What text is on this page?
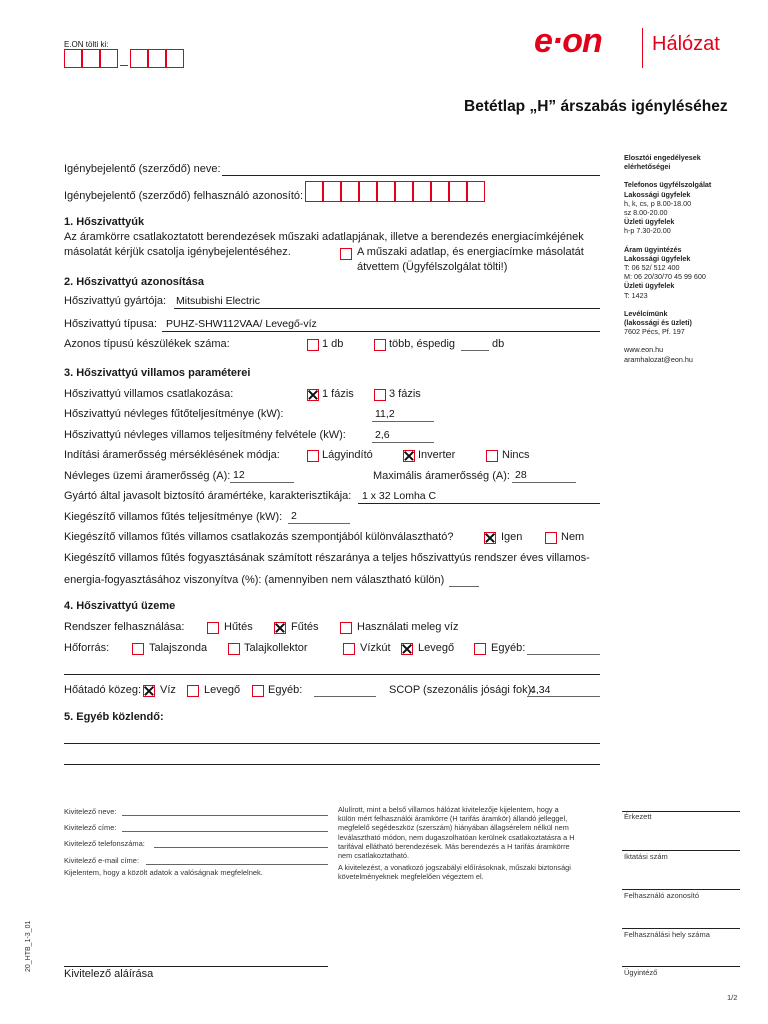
E.ON tölti ki:	e·on	Hálózat
Betétlap „H” árszabás igényléséhez
Elosztói engedélyesek
elérhetőségei

Telefonos ügyfélszolgálat
Lakossági ügyfelek
h, k, cs, p 8.00-18.00
sz 8.00-20.00
Üzleti ügyfelek
h-p 7.30-20.00

Áram ügyintézés
Lakossági ügyfelek
T: 06 52/ 512 400
M: 06 20/30/70 45 99 600
Üzleti ügyfelek
T: 1423

Levélcímünk
(lakossági és üzleti)
7602 Pécs, Pf. 197

www.eon.hu
aramhalozat@eon.hu
Igénybejelentő (szerződő) neve:
Igénybejelentő (szerződő) felhasználó azonosító:
1. Hőszivattyúk
Az áramkörre csatlakoztatott berendezések műszaki adatlapjának, illetve a berendezés energiacímkéjének
másolatát kérjük csatolja igénybejelentéséhez.	A műszaki adatlap, és energiacímke másolatát
átvettem (Ügyfélszolgálat tölti!)
2. Hőszivattyú azonosítása
Hőszivattyú gyártója: Mitsubishi Electric
Hőszivattyú típusa: PUHZ-SHW112VAA/ Levegő-víz
Azonos típusú készülékek száma:	1 db	több, éspedig	db
3. Hőszivattyú villamos paraméterei
Hőszivattyú villamos csatlakozása:	1 fázis	3 fázis
Hőszivattyú névleges fűtőteljesítménye (kW):	11,2
Hőszivattyú névleges villamos teljesítmény felvétele (kW):	2,6
Indítási áramerősség mérséklésének módja:	Lágyindító	Inverter	Nincs
Névleges üzemi áramerősség (A): 12	Maximális áramerősség (A): 28
Gyártó által javasolt biztosító áramértéke, karakterisztikája: 1 x 32 Lomha C
Kiegészítő villamos fűtés teljesítménye (kW): 2
Kiegészítő villamos fűtés villamos csatlakozás szempontjából különválasztható?	Igen	Nem
Kiegészítő villamos fűtés fogyasztásának számított részaránya a teljes hőszivattyús rendszer éves villamos-
energia-fogyasztásához viszonyítva (%): (amennyiben nem választható külön)
4. Hőszivattyú üzeme
Rendszer felhasználása:	Hűtés	Fűtés	Használati meleg víz
Hőforrás:	Talajszonda	Talajkollektor	Vízkút Levegő	Egyéb:
Hőátadó közeg: Víz	Levegő	Egyéb:	SCOP (szezonális jósági fok):
4,34
5. Egyéb közlendő:
Kivitelező neve:
Kivitelező címe:
Kivitelező telefonszáma:
Kivitelező e-mail címe:
Kijelentem, hogy a közölt adatok a valóságnak megfelelnek.
Alulírott, mint a belső villamos hálózat kivitelezője kijelentem, hogy a
külön mért felhasználói áramkörre (H tarifás áramkör) állandó jelleggel,
megfelelő segédeszköz (szerszám) hiányában állagsérelem nélkül nem
leválasztható módon, nem dugaszolhatóan kerülnek csatlakoztatásra a H
tarifával ellátható berendezések. Más berendezés a H tarifás áramkörre
nem csatlakoztatható.
A kivitelezést, a vonatkozó jogszabályi előírásoknak, műszaki biztonsági
követelményeknek megfelelően végeztem el.
Érkezett
Iktatási szám
Felhasználó azonosító
Felhasználási hely száma
Ügyintéző
Kivitelező aláírása
20_HTB_1-3_01
1/2
